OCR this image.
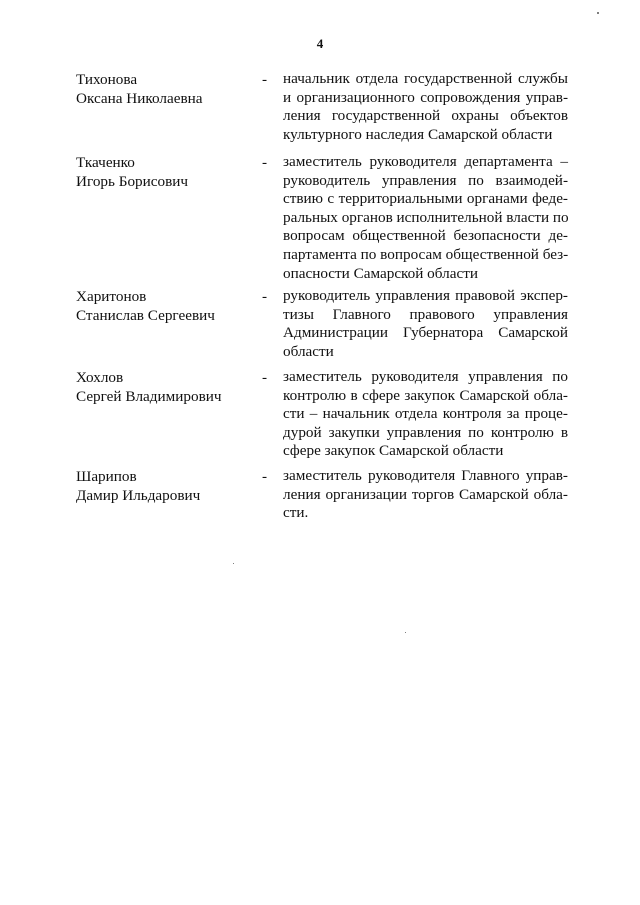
4
Тихонова
Оксана Николаевна
- начальник отдела государственной службы
и организационного сопровождения управ-
ления государственной охраны объектов
культурного наследия Самарской области
Ткаченко
Игорь Борисович
- заместитель руководителя департамента –
руководитель управления по взаимодей-
ствию с территориальными органами феде-
ральных органов исполнительной власти по
вопросам общественной безопасности де-
партамента по вопросам общественной без-
опасности Самарской области
Харитонов
Станислав Сергеевич
- руководитель управления правовой экспер-
тизы Главного правового управления
Администрации Губернатора Самарской
области
Хохлов
Сергей Владимирович
- заместитель руководителя управления по
контролю в сфере закупок Самарской обла-
сти – начальник отдела контроля за проце-
дурой закупки управления по контролю в
сфере закупок Самарской области
Шарипов
Дамир Ильдарович
- заместитель руководителя Главного управ-
ления организации торгов Самарской обла-
сти.
